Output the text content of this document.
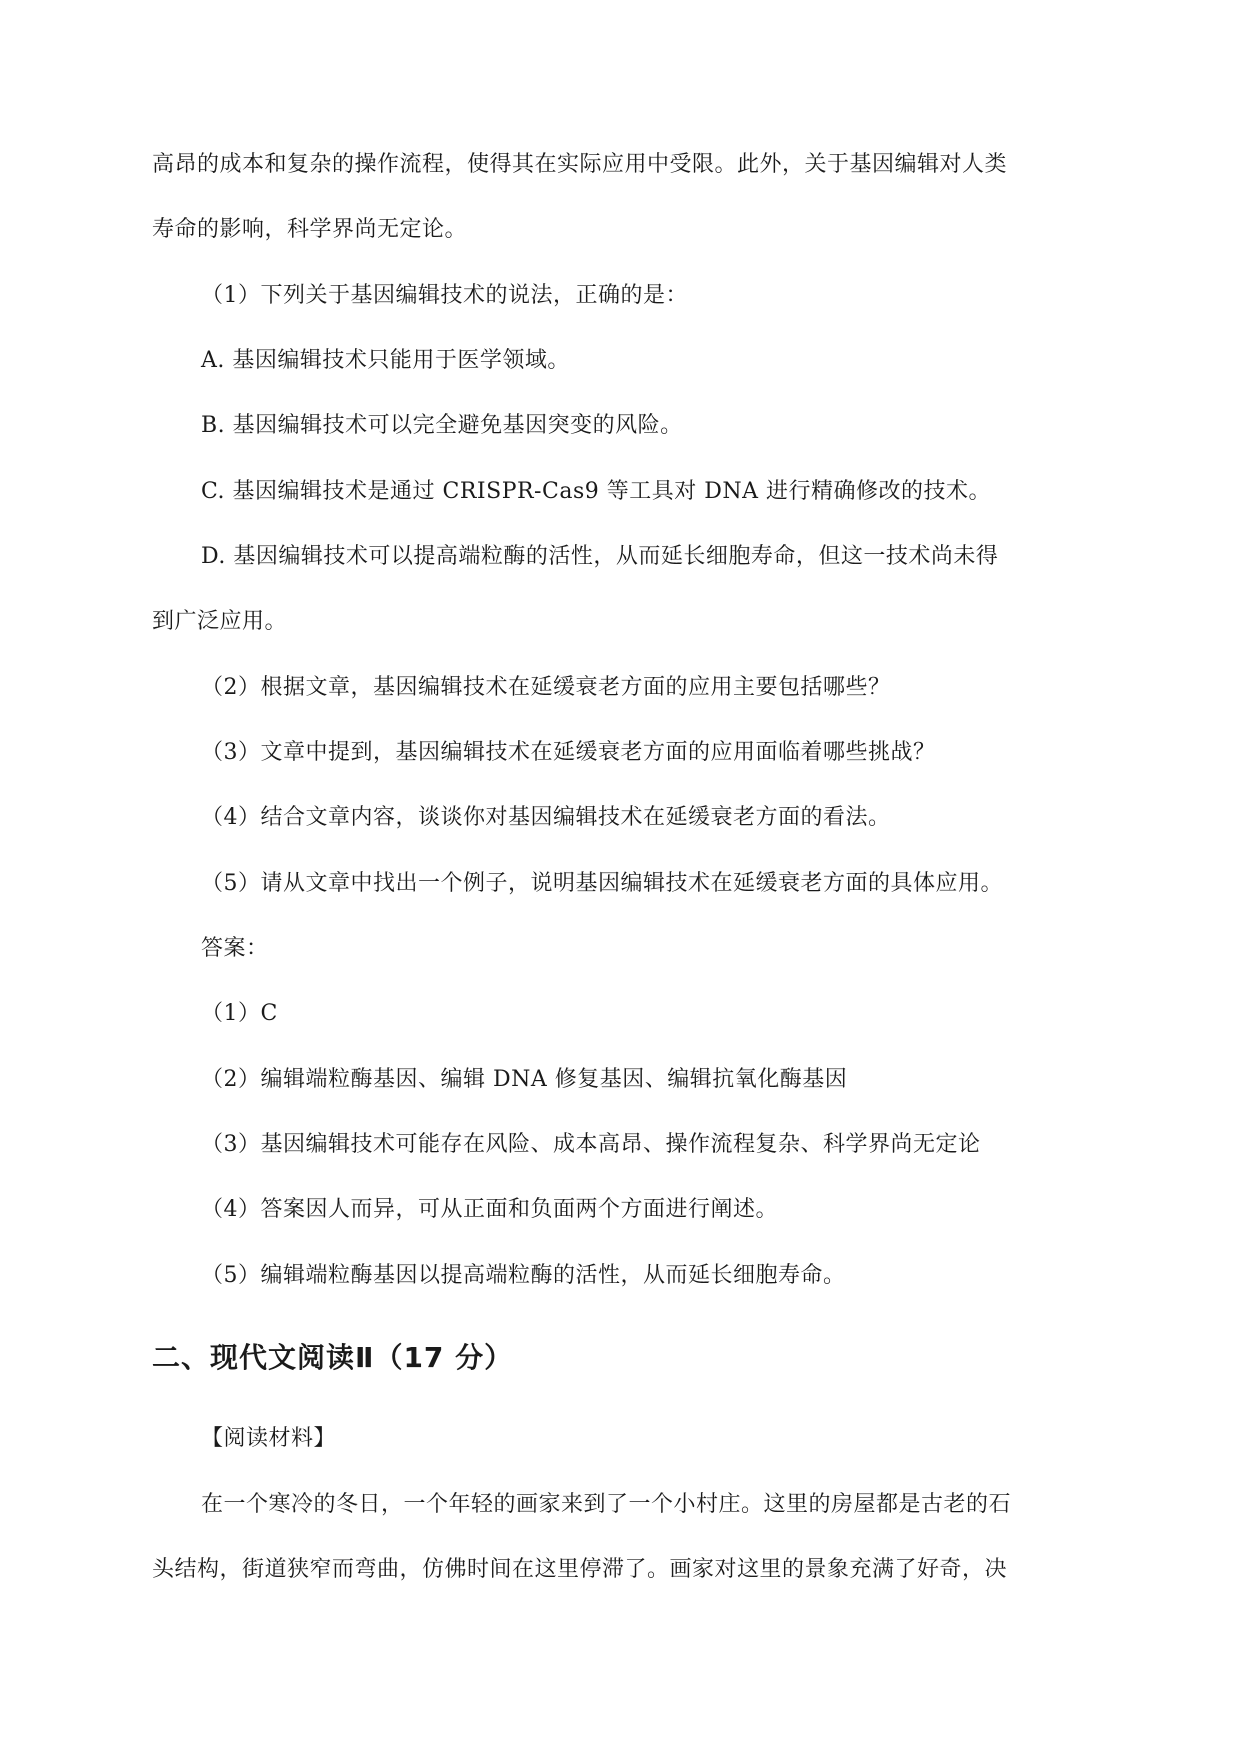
高昂的成本和复杂的操作流程，使得其在实际应用中受限。此外，关于基因编辑对人类
寿命的影响，科学界尚无定论。
（1）下列关于基因编辑技术的说法，正确的是：
A. 基因编辑技术只能用于医学领域。
B. 基因编辑技术可以完全避免基因突变的风险。
C. 基因编辑技术是通过 CRISPR-Cas9 等工具对 DNA 进行精确修改的技术。
D. 基因编辑技术可以提高端粒酶的活性，从而延长细胞寿命，但这一技术尚未得
到广泛应用。
（2）根据文章，基因编辑技术在延缓衰老方面的应用主要包括哪些？
（3）文章中提到，基因编辑技术在延缓衰老方面的应用面临着哪些挑战？
（4）结合文章内容，谈谈你对基因编辑技术在延缓衰老方面的看法。
（5）请从文章中找出一个例子，说明基因编辑技术在延缓衰老方面的具体应用。
答案：
（1）C
（2）编辑端粒酶基因、编辑 DNA 修复基因、编辑抗氧化酶基因
（3）基因编辑技术可能存在风险、成本高昂、操作流程复杂、科学界尚无定论
（4）答案因人而异，可从正面和负面两个方面进行阐述。
（5）编辑端粒酶基因以提高端粒酶的活性，从而延长细胞寿命。
二、现代文阅读Ⅱ（17 分）
【阅读材料】
在一个寒冷的冬日，一个年轻的画家来到了一个小村庄。这里的房屋都是古老的石
头结构，街道狭窄而弯曲，仿佛时间在这里停滞了。画家对这里的景象充满了好奇，决
